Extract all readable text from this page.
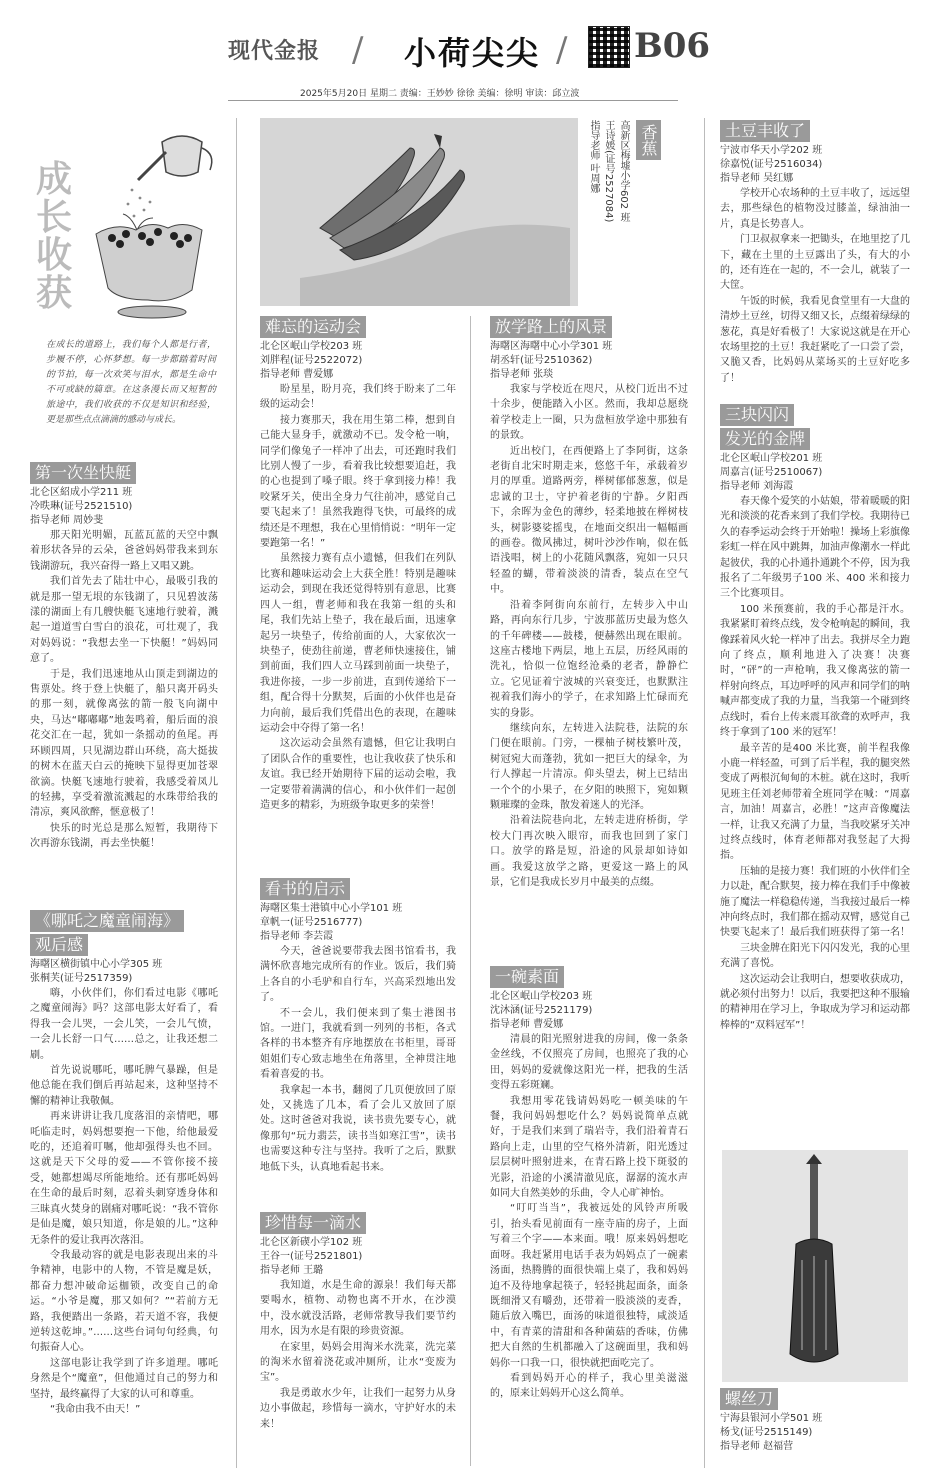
现代金报 / 小荷尖尖 / B06
2025年5月20日 星期二 责编：王妙妙 徐徐 美编：徐明 审读：邱立波
成
长
收
获
在成长的道路上，我们每个人都是行者，步履不停，心怀梦想。每一步都踏着时间的节拍，每一次欢笑与泪水，都是生命中不可或缺的篇章。在这条漫长而又短暂的旅途中，我们收获的不仅是知识和经验，更是那些点点滴滴的感动与成长。
第一次坐快艇

北仑区紹成小学211 班

冷昳琳(证号2521510)

指导老师 周妙斐

那天阳光明媚，瓦蓝瓦蓝的天空中飘着形状各异的云朵，爸爸妈妈带我来到东钱湖游玩，我兴奋得一路上又唱又跳。

我们首先去了陆壮中心，最吸引我的就是那一望无垠的东钱湖了，只见碧波荡漾的湖面上有几艘快艇飞速地行驶着，溅起一道道雪白雪白的浪花，可壮观了，我对妈妈说：“我想去坐一下快艇！”妈妈同意了。

于是，我们迅速地从山顶走到湖边的售票处。终于登上快艇了，船只离开码头的那一刻，就像离弦的箭一般飞向湖中央，马达“嘟嘟嘟”地轰鸣着，船后面的浪花交汇在一起，犹如一条摇动的鱼尾。再环顾四周，只见湖边群山环绕，高大挺拔的树木在蓝天白云的掩映下显得更加苍翠欲滴。快艇飞速地行驶着，我感受着凤儿的轻拂，享受着激流溅起的水珠带给我的清凉，爽风欲醉，惬意极了！

快乐的时光总是那么短暂，我期待下次再游东钱湖，再去坐快艇！

《哪吒之魔童闹海》
观后感

海曙区横街镇中心小学305 班

张桐芙(证号2517359)

嗨，小伙伴们，你们看过电影《哪吒之魔童闹海》吗？这部电影太好看了，看得我一会儿哭，一会儿笑，一会儿气愤，一会儿长舒一口气……总之，让我还想二刷。

首先说说哪吒，哪吒脾气暴躁，但是他总能在我们倒后再站起来，这种坚持不懈的精神让我敬佩。

再来讲讲让我几度落泪的亲情吧，哪吒临走时，妈妈想要抱一下他，给他最爱吃的，还追着叮嘱，他却强得头也不回。这就是天下父母的爱——不管你接不接受，她都想竭尽所能地给。还有那吒妈妈在生命的最后时刻，忍着头刺穿透身体和三昧真火焚身的剧痛对哪吒说：“我不管你是仙是魔，娘只知道，你是娘的儿。”这种无条件的爱让我再次落泪。

令我最动容的就是电影表现出来的斗争精神，电影中的人物，不管是魔是妖，都奋力想冲破命运枷锁，改变自己的命运。“小爷是魔，那又如何？”“若前方无路，我便踏出一条路，若天道不容，我便逆转这乾坤。”……这些台词句句经典，句句振奋人心。

这部电影让我学到了许多道理。哪吒身然是个“魔童”，但他通过自己的努力和坚持，最终赢得了大家的认可和尊重。

“我命由我不由天！”

香蕉
高新区梅墟小学602 班
王诗媛(证号2527084)
指导老师 叶周娜
难忘的运动会

北仑区岷山学校203 班

刘胖程(证号2522072)

指导老师 曹爱娜

盼星星，盼月亮，我们终于盼来了二年级的运动会！

接力赛那天，我在用生第二棒，想到自己能大显身手，就激动不已。发令枪一响，同学们像兔子一样冲了出去，可还跑时我们比别人慢了一步，看着我比较想要追赶，我的心也提到了嗓子眼。终于拿到接力棒！我咬紧牙关，使出全身力气往前冲，感觉自己要飞起来了！虽然我跑得飞快，可最终的成绩还是不理想，我在心里悄悄说：“明年一定要跑第一名！”

虽然接力赛有点小遗憾，但我们在列队比赛和趣味运动会上大获全胜！特别是趣味运动会，到现在我还觉得特别有意思，比赛四人一组，曹老师和我在我第一组的头和尾，我们先站上垫子，我在最后面，迅速拿起另一块垫子，传给前面的人，大家依次一块垫子，使劲往前递，曹老师快速接住，铺到前面，我们四人立马踩到前面一块垫子，我进你接，一步一步前进，直到传递给下一组，配合得十分默契，后面的小伙伴也是奋力向前，最后我们凭借出色的表现，在趣味运动会中夺得了第一名！

这次运动会虽然有遗憾，但它让我明白了团队合作的重要性，也让我收获了快乐和友谊。我已经开始期待下届的运动会啦，我一定要带着满满的信心，和小伙伴们一起创造更多的精彩，为班级争取更多的荣誉！

看书的启示

海曙区集士港镇中心小学101 班

章帆一(证号2516777)

指导老师 李芸霞

今天，爸爸说要带我去图书馆看书，我满怀欣喜地完成所有的作业。饭后，我们骑上各自的小毛驴和自行车，兴高采烈地出发了。

不一会儿，我们便来到了集士港图书馆。一进门，我就看到一列列的书柜，各式各样的书本整齐有序地摆放在书柜里，哥哥姐姐们专心致志地坐在角落里，全神贯注地看着喜爱的书。

我拿起一本书，翻阅了几页便放回了原处，又挑选了几本，看了会儿又放回了原处。这时爸爸对我说，读书贵先要专心，就像那句“玩力翡芸，读书当如寒江雪”，读书也需要这种专注与坚持。我听了之后，默默地低下头，认真地看起书来。

珍惜每一滴水

北仑区新碶小学102 班

王谷一(证号2521801)

指导老师 王璐

我知道，水是生命的源泉！我们每天都要喝水，植物、动物也离不开水，在沙漠中，没水就没活路，老师常教导我们要节约用水，因为水是有限的珍贵资源。

在家里，妈妈会用淘米水洗菜，洗完菜的淘米水留着浇花或冲厕所，让水“变废为宝”。

我是勇敢水少年，让我们一起努力从身边小事做起，珍惜每一滴水，守护好水的未来！

放学路上的风景

海曙区海曙中心小学301 班

胡丞轩(证号2510362)

指导老师 张琰

我家与学校近在咫尺，从校门近出不过十余步，便能踏入小区。然而，我却总愿绕着学校走上一圈，只为盘桓放学途中那独有的景致。

近出校门，在西便路上了李阿街，这条老街自北宋时期走来，悠悠千年，承载着岁月的厚重。道路两旁，榉树郁郁葱葱，似是忠诚的卫士，守护着老街的宁静。夕阳西下，余晖为金色的薄纱，轻柔地披在榉树枝头，树影婆娑摇曳，在地面交织出一幅幅画的画卷。微风拂过，树叶沙沙作响，似在低语浅唱，树上的小花随风飘落，宛如一只只轻盈的蝴，带着淡淡的清香，装点在空气中。

沿着李阿街向东前行，左转步入中山路，再向东行几步，宁波那蓝历史最为悠久的千年碑楼——鼓楼，便赫然出现在眼前。这座古楼地下两层，地上五层，历经风雨的洗礼，恰似一位饱经沧桑的老者，静静伫立。它见证着宁波城的兴衰变迁，也默默注视着我们海小的学子，在求知路上忙碌而充实的身影。

继续向东，左转进入法院巷，法院的东门便在眼前。门旁，一棵柚子树枝繁叶茂，树冠宛大而蓬勃，犹如一把巨大的绿伞，为行人撑起一片清凉。仰头望去，树上已结出一个个的小果子，在夕阳的映照下，宛如颗颗璀璨的金珠，散发着迷人的光泽。

沿着法院巷向北，左转走进府桥街，学校大门再次映入眼帘，而我也回到了家门口。放学的路是短，沿途的风景却如诗如画。我爱这放学之路，更爱这一路上的风景，它们是我成长岁月中最美的点缀。

一碗素面

北仑区岷山学校203 班

沈沐涵(证号2521179)

指导老师 曹爱娜

清晨的阳光照射进我的房间，像一条条金丝线，不仅照亮了房间，也照亮了我的心田，妈妈的爱就像这阳光一样，把我的生活变得五彩斑斓。

我想用零花钱请妈妈吃一顿美味的午餐，我问妈妈想吃什么？妈妈说简单点就好，于是我们来到了瑞岩寺，我们沿着青石路向上走，山里的空气格外清新，阳光透过层层树叶照射进来，在青石路上投下斑驳的光影，沿途的小溪清澈见底，潺潺的流水声如同大自然美妙的乐曲，令人心旷神怡。

“叮叮当当”，我被远处的风铃声所吸引，抬头看见前面有一座寺庙的房子，上面写着三个字——本来面。哦！原来妈妈想吃面呀。我赶紧用电话手表为妈妈点了一碗素汤面，热腾腾的面很快端上桌了，我和妈妈迫不及待地拿起筷子，轻轻挑起面条，面条既细滑又有嚼劲，还带着一股淡淡的麦香，随后放入嘴巴，面汤的味道很独特，咸淡适中，有青菜的清甜和各种菌菇的香味，仿佛把大自然的生机都融入了这碗面里，我和妈妈你一口我一口，很快就把面吃完了。

看到妈妈开心的样子，我心里美滋滋的，原来让妈妈开心这么简单。

土豆丰收了

宁波市华天小学202 班

徐嘉悦(证号2516034)

指导老师 吴红娜

学校开心农场种的土豆丰收了，远远望去，那些绿色的植物没过膝盖，绿油油一片，真是长势喜人。

门卫叔叔拿来一把锄头，在地里挖了几下，藏在土里的土豆露出了头，有大的小的，还有连在一起的，不一会儿，就装了一大筐。

午饭的时候，我看见食堂里有一大盘的清炒土豆丝，切得又细又长，点缀着绿绿的葱花，真是好看极了！大家说这就是在开心农场里挖的土豆！我赶紧吃了一口尝了尝，又脆又香，比妈妈从菜场买的土豆好吃多了！

三块闪闪
发光的金牌

北仑区岷山学校201 班

周嘉言(证号2510067)

指导老师 刘海霞

春天像个爱笑的小姑娘，带着暖暖的阳光和淡淡的花香来到了我们学校。我期待已久的春季运动会终于开始啦！操场上彩旗像彩虹一样在风中跳舞，加油声像潮水一样此起彼伏，我的心扑通扑通跳个不停，因为我报名了二年级男子100 米、400 米和接力三个比赛项目。

100 米预赛前，我的手心都是汗水。我紧紧盯着终点线，发令枪响起的瞬间，我像踩着风火轮一样冲了出去。我拼尽全力跑向了终点，顺利地进入了决赛！决赛时，“砰”的一声枪响，我又像离弦的箭一样射向终点，耳边呼呼的风声和同学们的呐喊声都变成了我的力量，当我第一个碰到终点线时，看台上传来震耳欲聋的欢呼声，我终于拿到了100 米的冠军！

最辛苦的是400 米比赛，前半程我像小鹿一样轻盈，可到了后半程，我的腿突然变成了两根沉甸甸的木桩。就在这时，我听见班主任刘老师带着全班同学在喊：“周嘉言，加油！周嘉言，必胜！”这声音像魔法一样，让我又充满了力量，当我咬紧牙关冲过终点线时，体育老师都对我竖起了大拇指。

压轴的是接力赛！我们班的小伙伴们全力以赴，配合默契，接力棒在我们手中像被施了魔法一样稳稳传递，当我接过最后一棒冲向终点时，我们都在摇动双臂，感觉自己快要飞起来了！最后我们班获得了第一名！

三块金牌在阳光下闪闪发光，我的心里充满了喜悦。

这次运动会让我明白，想要收获成功，就必须付出努力！以后，我要把这种不服输的精神用在学习上，争取成为学习和运动都棒棒的“双料冠军”！

螺丝刀

宁海县银河小学501 班

杨戈(证号2515149)

指导老师 赵福营
